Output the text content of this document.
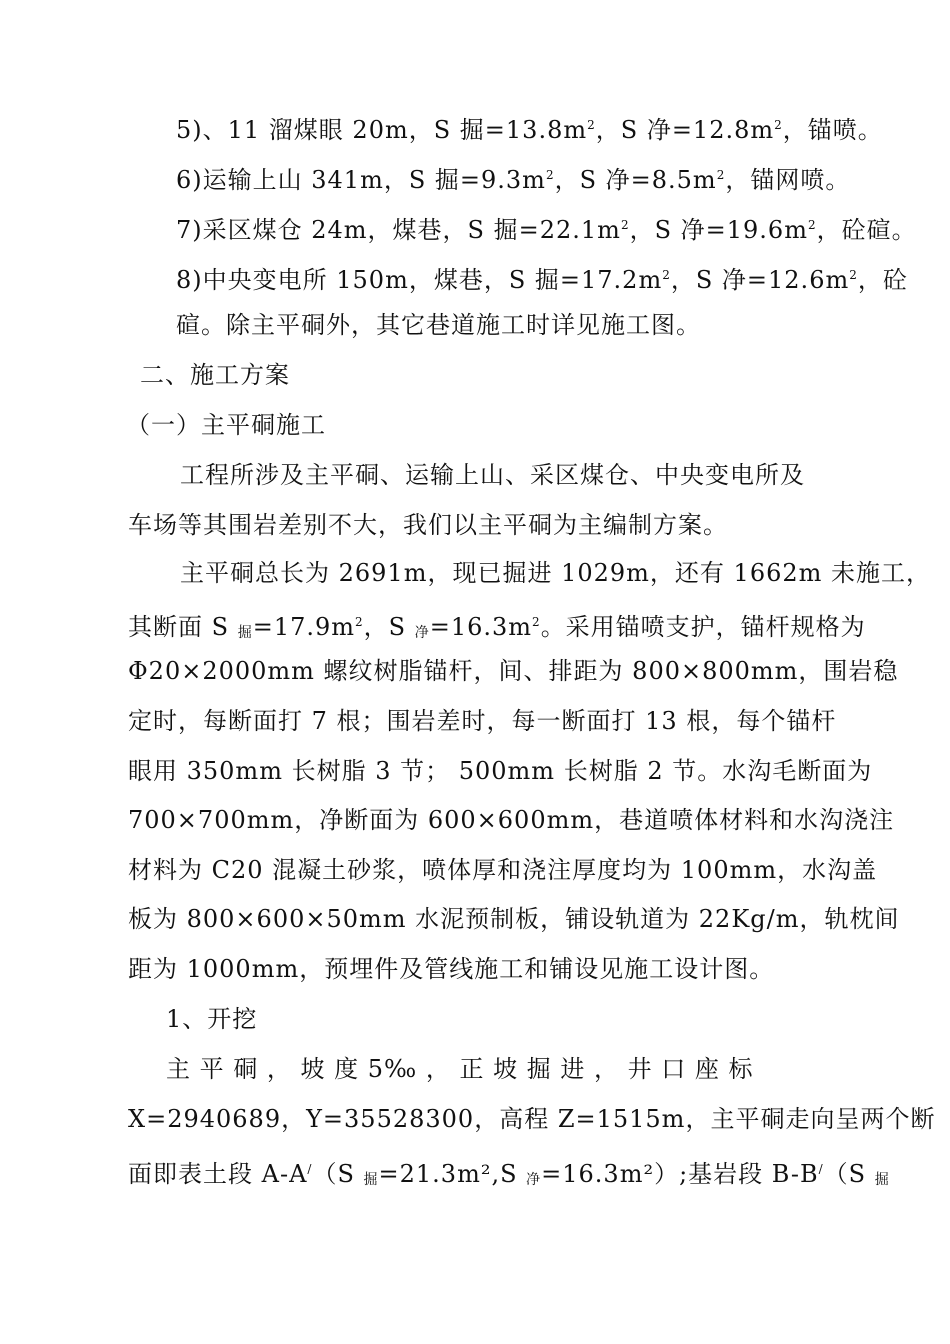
5)、11 溜煤眼 20m，S 掘$=13.8m^2$，S 净$=12.8m^2$，锚喷。
6)运输上山 341m，S 掘$=9.3m^2$，S 净$=8.5m^2$，锚网喷。
7)采区煤仓 24m，煤巷，S 掘$=22.1m^2$，S 净$=19.6m^2$，砼碹。
8)中央变电所 150m，煤巷，S 掘$=17.2m^2$，S 净$=12.6m^2$，砼
碹。除主平硐外，其它巷道施工时详见施工图。
二、施工方案
（一）主平硐施工
工程所涉及主平硐、运输上山、采区煤仓、中央变电所及
车场等其围岩差别不大，我们以主平硐为主编制方案。
主平硐总长为 2691m，现已掘进 1029m，还有 1662m 未施工，
其断面 S $_掘=17.9m^2$，S $_净=16.3m^2$。采用锚喷支护，锚杆规格为
Φ20×2000mm 螺纹树脂锚杆，间、排距为 800×800mm，围岩稳
定时，每断面打 7 根；围岩差时，每一断面打 13 根，每个锚杆
眼用 350mm 长树脂 3 节； 500mm 长树脂 2 节。水沟毛断面为
700×700mm，净断面为 600×600mm，巷道喷体材料和水沟浇注
材料为 C20 混凝土砂浆，喷体厚和浇注厚度均为 100mm，水沟盖
板为 800×600×50mm 水泥预制板，铺设轨道为 22Kg/m，轨枕间
距为 1000mm，预埋件及管线施工和铺设见施工设计图。
1、开挖
主 平 硐 ， 坡 度 5‰ ， 正 坡 掘 进 ， 井 口 座 标
X=2940689，Y=35528300，高程 Z=1515m，主平硐走向呈两个断
面即表土段 A-A/（S $_掘$=21.3m²,S $_净$=16.3m²）;基岩段 B-B/（S $_掘$
